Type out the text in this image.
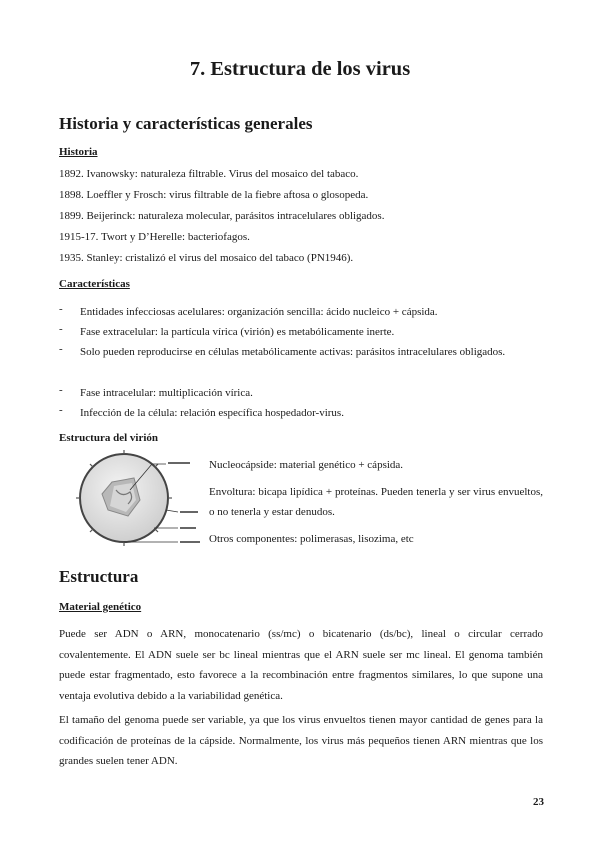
7. Estructura de los virus
Historia y características generales
Historia
1892. Ivanowsky: naturaleza filtrable. Virus del mosaico del tabaco.
1898. Loeffler y Frosch: virus filtrable de la fiebre aftosa o glosopeda.
1899. Beijerinck: naturaleza molecular, parásitos intracelulares obligados.
1915-17. Twort y D’Herelle: bacteriofagos.
1935. Stanley: cristalizó el virus del mosaico del tabaco (PN1946).
Características
- Entidades infecciosas acelulares: organización sencilla: ácido nucleico + cápsida.
- Fase extracelular: la partícula vírica (virión) es metabólicamente inerte.
- Solo pueden reproducirse en células metabólicamente activas: parásitos intracelulares obligados.
- Fase intracelular: multiplicación vírica.
- Infección de la célula: relación específica hospedador-virus.
Estructura del virión
Nucleocápside: material genético + cápsida.
Envoltura: bicapa lipídica + proteínas. Pueden tenerla y ser virus envueltos, o no tenerla y estar denudos.
Otros componentes: polimerasas, lisozima, etc
Estructura
Material genético

Puede ser ADN o ARN, monocatenario (ss/mc) o bicatenario (ds/bc), lineal o circular cerrado covalentemente. El ADN suele ser bc lineal mientras que el ARN suele ser mc lineal. El genoma también puede estar fragmentado, esto favorece a la recombinación entre fragmentos similares, lo que supone una ventaja evolutiva debido a la variabilidad genética.

El tamaño del genoma puede ser variable, ya que los virus envueltos tienen mayor cantidad de genes para la codificación de proteínas de la cápside. Normalmente, los virus más pequeños tienen ARN mientras que los grandes suelen tener ADN.

23
